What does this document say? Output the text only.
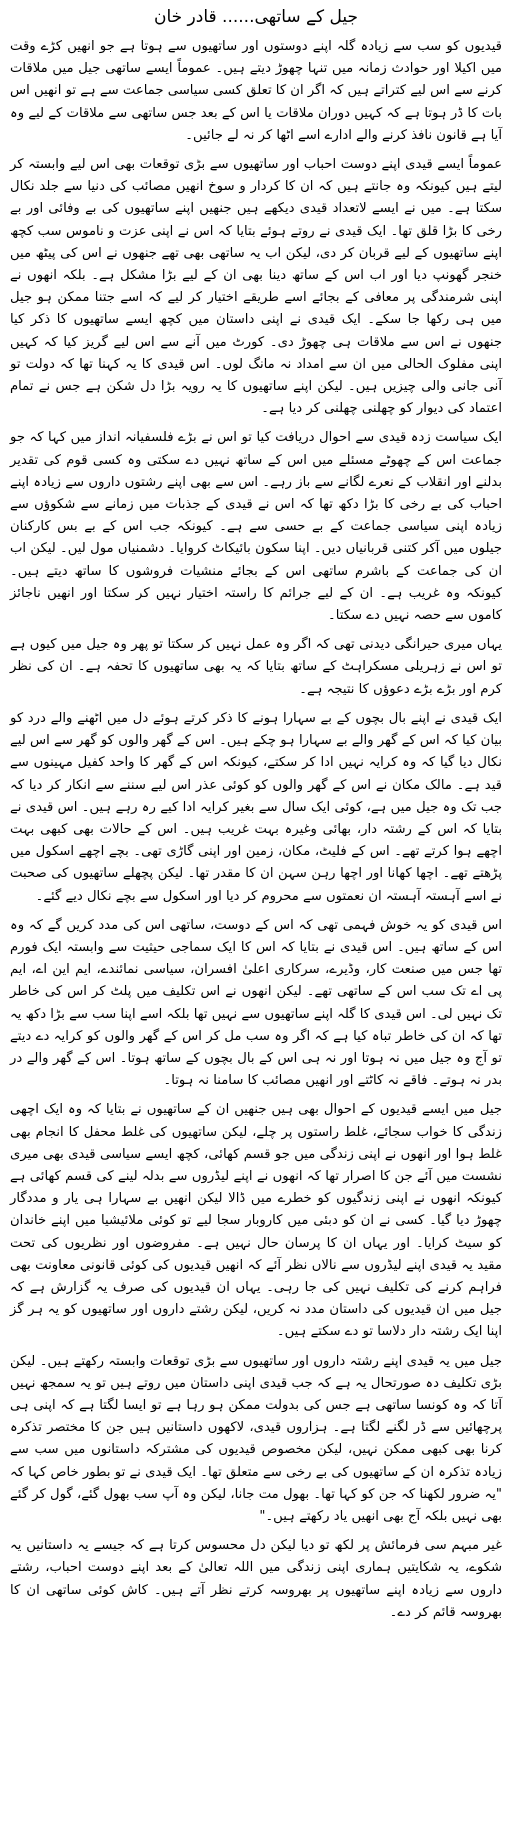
جیل کے ساتھی...... قادر خان

قیدیوں کو سب سے زیادہ گلہ اپنے دوستوں اور ساتھیوں سے ہوتا ہے جو انھیں کڑے وقت میں اکیلا اور حوادث زمانہ میں تنہا چھوڑ دیتے ہیں۔ عموماً ایسے ساتھی جیل میں ملاقات کرنے سے اس لیے کتراتے ہیں کہ اگر ان کا تعلق کسی سیاسی جماعت سے ہے تو انھیں اس بات کا ڈر ہوتا ہے کہ کہیں دوران ملاقات یا اس کے بعد جس ساتھی سے ملاقات کے لیے وہ آیا ہے قانون نافذ کرنے والے ادارے اسے اٹھا کر نہ لے جائیں۔

عموماً ایسے قیدی اپنے دوست احباب اور ساتھیوں سے بڑی توقعات بھی اس لیے وابستہ کر لیتے ہیں کیونکہ وہ جانتے ہیں کہ ان کا کردار و سوخ انھیں مصائب کی دنیا سے جلد نکال سکتا ہے۔ میں نے ایسے لاتعداد قیدی دیکھے ہیں جنھیں اپنے ساتھیوں کی بے وفائی اور بے رخی کا بڑا قلق تھا۔ ایک قیدی نے روتے ہوئے بتایا کہ اس نے اپنی عزت و ناموس سب کچھ اپنے ساتھیوں کے لیے قربان کر دی، لیکن اب یہ ساتھی بھی تھے جنھوں نے اس کی پیٹھ میں خنجر گھونپ دیا اور اب اس کے ساتھ دینا بھی ان کے لیے بڑا مشکل ہے۔ بلکہ انھوں نے اپنی شرمندگی پر معافی کے بجائے اسے طریقے اختیار کر لیے کہ اسے جتنا ممکن ہو جیل میں ہی رکھا جا سکے۔ ایک قیدی نے اپنی داستان میں کچھ ایسے ساتھیوں کا ذکر کیا جنھوں نے اس سے ملاقات ہی چھوڑ دی۔ کورٹ میں آنے سے اس لیے گریز کیا کہ کہیں اپنی مفلوک الحالی میں ان سے امداد نہ مانگ لوں۔ اس قیدی کا یہ کہنا تھا کہ دولت تو آنی جانی والی چیزیں ہیں۔ لیکن اپنے ساتھیوں کا یہ رویہ بڑا دل شکن ہے جس نے تمام اعتماد کی دیوار کو چھلنی چھلنی کر دیا ہے۔

ایک سیاست زدہ قیدی سے احوال دریافت کیا تو اس نے بڑے فلسفیانہ انداز میں کہا کہ جو جماعت اس کے چھوٹے مسئلے میں اس کے ساتھ نہیں دے سکتی وہ کسی قوم کی تقدیر بدلنے اور انقلاب کے نعرے لگانے سے باز رہے۔ اس سے بھی اپنے رشتوں داروں سے زیادہ اپنے احباب کی بے رخی کا بڑا دکھ تھا کہ اس نے قیدی کے جذبات میں زمانے سے شکوؤں سے زیادہ اپنی سیاسی جماعت کے بے حسی سے ہے۔ کیونکہ جب اس کے بے بس کارکنان جیلوں میں آکر کتنی قربانیاں دیں۔ اپنا سکون بائیکاٹ کروایا۔ دشمنیاں مول لیں۔ لیکن اب ان کی جماعت کے باشرم ساتھی اس کے بجائے منشیات فروشوں کا ساتھ دیتے ہیں۔ کیونکہ وہ غریب ہے۔ ان کے لیے جرائم کا راستہ اختیار نہیں کر سکتا اور انھیں ناجائز کاموں سے حصہ نہیں دے سکتا۔

یہاں میری حیرانگی دیدنی تھی کہ اگر وہ عمل نہیں کر سکتا تو پھر وہ جیل میں کیوں ہے تو اس نے زہریلی مسکراہٹ کے ساتھ بتایا کہ یہ بھی ساتھیوں کا تحفہ ہے۔ ان کی نظر کرم اور بڑے بڑے دعوؤں کا نتیجہ ہے۔

ایک قیدی نے اپنے بال بچوں کے بے سہارا ہونے کا ذکر کرتے ہوئے دل میں اٹھنے والے درد کو بیان کیا کہ اس کے گھر والے بے سہارا ہو چکے ہیں۔ اس کے گھر والوں کو گھر سے اس لیے نکال دیا گیا کہ وہ کرایہ نہیں ادا کر سکتے، کیونکہ اس کے گھر کا واحد کفیل مہینوں سے قید ہے۔ مالک مکان نے اس کے گھر والوں کو کوئی عذر اس لیے سننے سے انکار کر دیا کہ جب تک وہ جیل میں ہے، کوئی ایک سال سے بغیر کرایہ ادا کیے رہ رہے ہیں۔ اس قیدی نے بتایا کہ اس کے رشتہ دار، بھائی وغیرہ بہت غریب ہیں۔ اس کے حالات بھی کبھی بہت اچھے ہوا کرتے تھے۔ اس کے فلیٹ، مکان، زمین اور اپنی گاڑی تھی۔ بچے اچھے اسکول میں پڑھتے تھے۔ اچھا کھانا اور اچھا رہن سہن ان کا مقدر تھا۔ لیکن پچھلے ساتھیوں کی صحبت نے اسے آہستہ آہستہ ان نعمتوں سے محروم کر دیا اور اسکول سے بچے نکال دیے گئے۔

اس قیدی کو یہ خوش فہمی تھی کہ اس کے دوست، ساتھی اس کی مدد کریں گے کہ وہ اس کے ساتھ ہیں۔ اس قیدی نے بتایا کہ اس کا ایک سماجی حیثیت سے وابستہ ایک فورم تھا جس میں صنعت کار، وڈیرے، سرکاری اعلیٰ افسران، سیاسی نمائندے، ایم این اے، ایم پی اے تک سب اس کے ساتھی تھے۔ لیکن انھوں نے اس تکلیف میں پلٹ کر اس کی خاطر تک نہیں لی۔ اس قیدی کا گلہ اپنے ساتھیوں سے نہیں تھا بلکہ اسے اپنا سب سے بڑا دکھ یہ تھا کہ ان کی خاطر تباہ کیا ہے کہ اگر وہ سب مل کر اس کے گھر والوں کو کرایہ دے دیتے تو آج وہ جیل میں نہ ہوتا اور نہ ہی اس کے بال بچوں کے ساتھ ہوتا۔ اس کے گھر والے در بدر نہ ہوتے۔ فاقے نہ کاٹتے اور انھیں مصائب کا سامنا نہ ہوتا۔

جیل میں ایسے قیدیوں کے احوال بھی ہیں جنھیں ان کے ساتھیوں نے بتایا کہ وہ ایک اچھی زندگی کا خواب سجائے، غلط راستوں پر چلے، لیکن ساتھیوں کی غلط محفل کا انجام بھی غلط ہوا اور انھوں نے اپنی زندگی میں جو قسم کھائی، کچھ ایسے سیاسی قیدی بھی میری نشست میں آئے جن کا اصرار تھا کہ انھوں نے اپنے لیڈروں سے بدلہ لینے کی قسم کھائی ہے کیونکہ انھوں نے اپنی زندگیوں کو خطرے میں ڈالا لیکن انھیں بے سہارا ہی یار و مددگار چھوڑ دیا گیا۔ کسی نے ان کو دبئی میں کاروبار سجا لیے تو کوئی ملائیشیا میں اپنے خاندان کو سیٹ کرایا۔ اور یہاں ان کا پرسان حال نہیں ہے۔ مفروضوں اور نظریوں کی تحت مقید یہ قیدی اپنے لیڈروں سے نالاں نظر آئے کہ انھیں قیدیوں کی کوئی قانونی معاونت بھی فراہم کرنے کی تکلیف نہیں کی جا رہی۔ یہاں ان قیدیوں کی صرف یہ گزارش ہے کہ جیل میں ان قیدیوں کی داستان مدد نہ کریں، لیکن رشتے داروں اور ساتھیوں کو یہ ہر گز اپنا ایک رشتہ دار دلاسا تو دے سکتے ہیں۔

جیل میں یہ قیدی اپنے رشتہ داروں اور ساتھیوں سے بڑی توقعات وابستہ رکھتے ہیں۔ لیکن بڑی تکلیف دہ صورتحال یہ ہے کہ جب قیدی اپنی داستان میں روتے ہیں تو یہ سمجھ نہیں آتا کہ وہ کونسا ساتھی ہے جس کی بدولت ممکن ہو رہا ہے تو ایسا لگتا ہے کہ اپنی ہی پرچھائیں سے ڈر لگنے لگتا ہے۔ ہزاروں قیدی، لاکھوں داستانیں ہیں جن کا مختصر تذکرہ کرنا بھی کبھی ممکن نہیں، لیکن مخصوص قیدیوں کی مشترکہ داستانوں میں سب سے زیادہ تذکرہ ان کے ساتھیوں کی بے رخی سے متعلق تھا۔ ایک قیدی نے تو بطور خاص کہا کہ "یہ ضرور لکھنا کہ جن کو کہا تھا۔ بھول مت جانا، لیکن وہ آپ سب بھول گئے، گول کر گئے بھی نہیں بلکہ آج بھی انھیں یاد رکھتے ہیں۔"

غیر مبہم سی فرمائش پر لکھ تو دیا لیکن دل محسوس کرتا ہے کہ جیسے یہ داستانیں یہ شکوے، یہ شکایتیں ہماری اپنی زندگی میں اللہ تعالیٰ کے بعد اپنے دوست احباب، رشتے داروں سے زیادہ اپنے ساتھیوں پر بھروسہ کرتے نظر آتے ہیں۔ کاش کوئی ساتھی ان کا بھروسہ قائم کر دے۔
